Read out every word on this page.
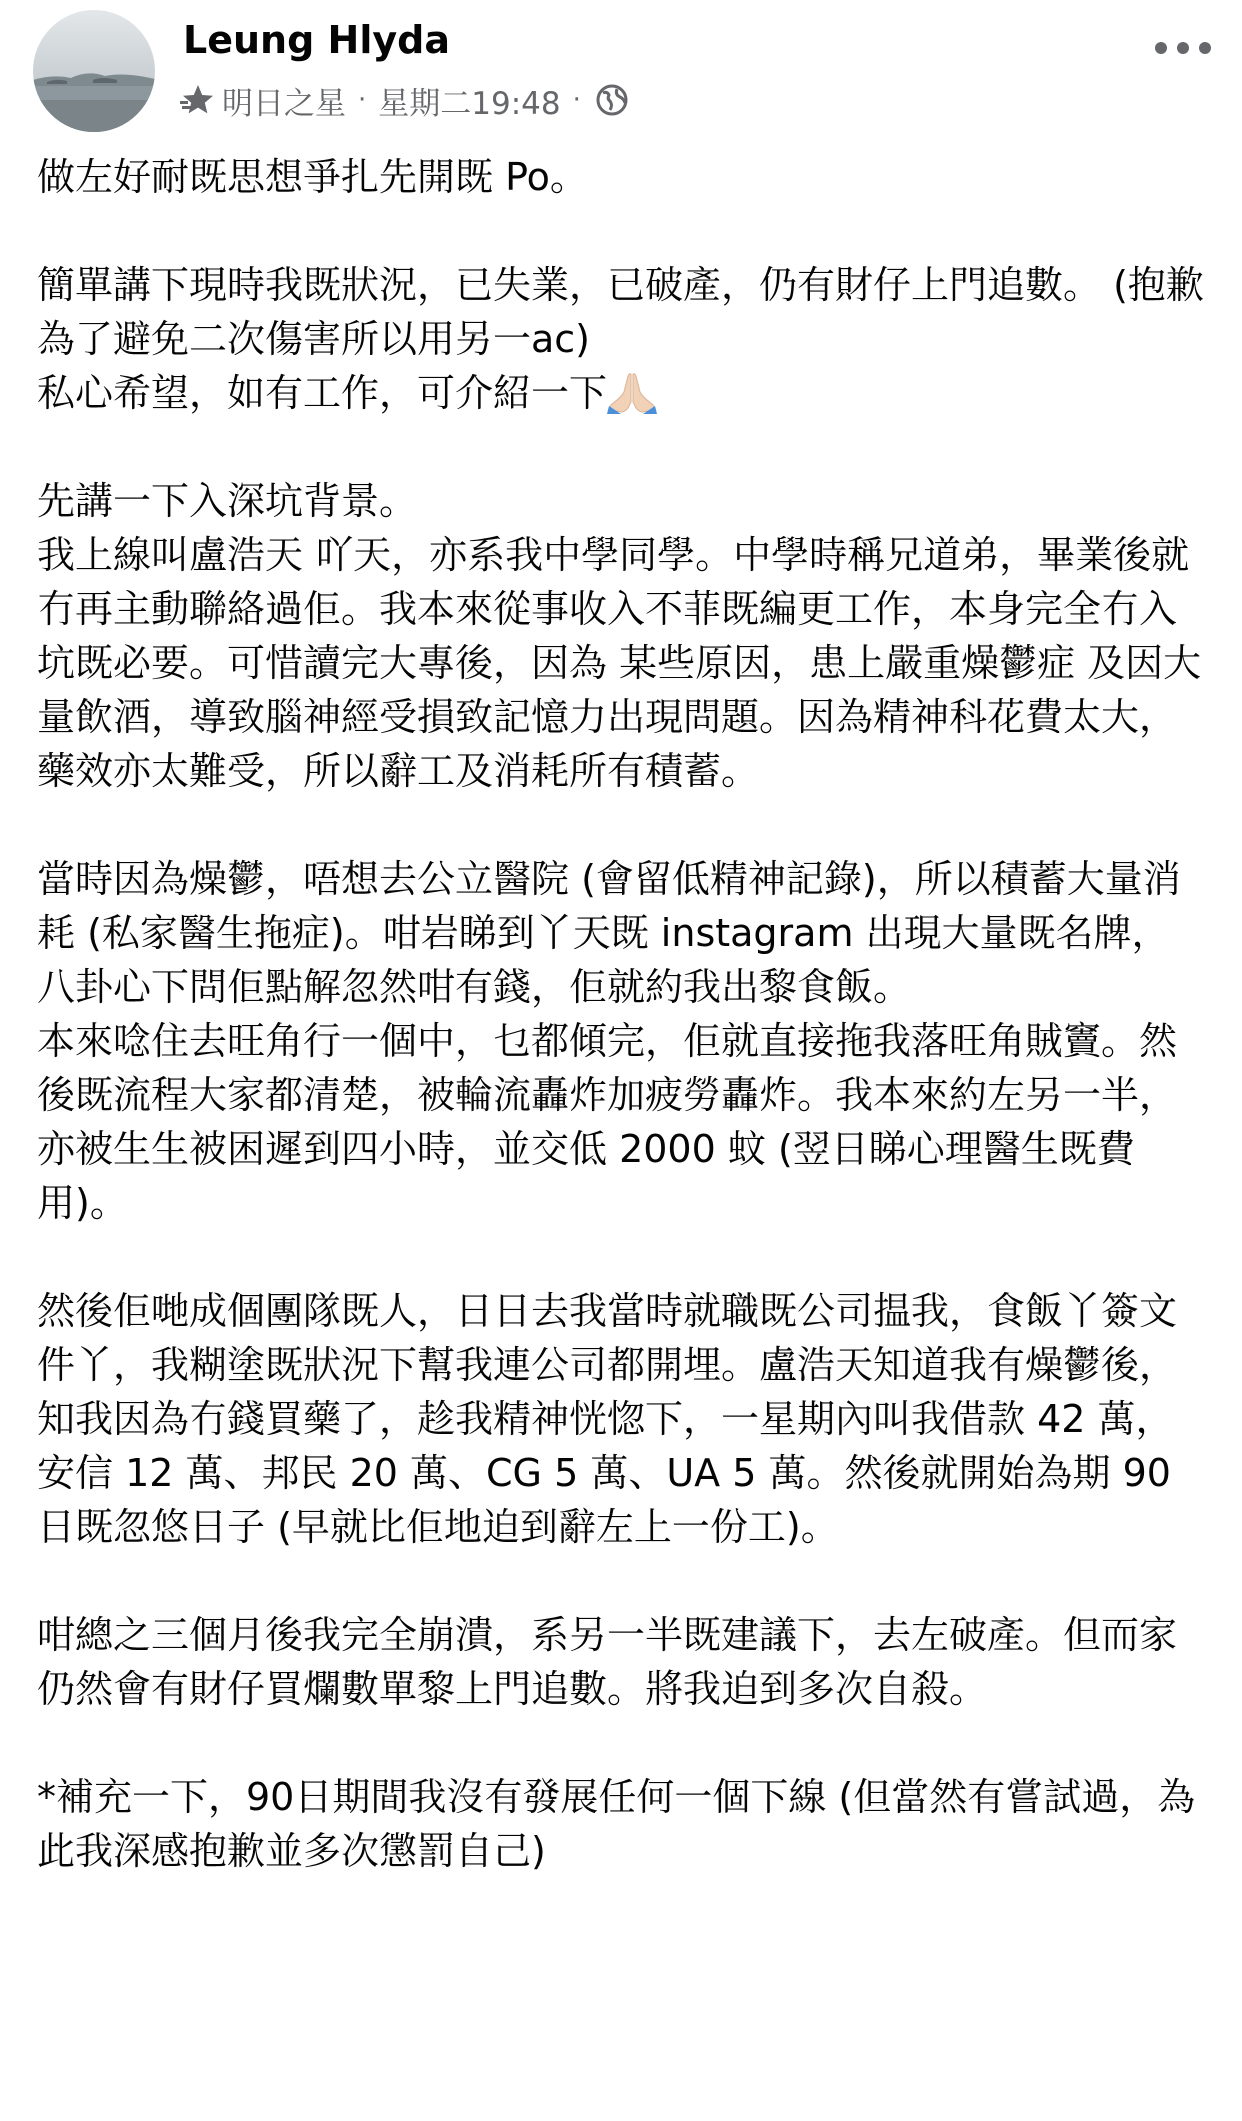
Leung Hlyda
明日之星 · 星期二19:48 ·

做左好耐既思想爭扎先開既 Po。

簡單講下現時我既狀況，已失業，已破產，仍有財仔上門追數。 (抱歉為了避免二次傷害所以用另一ac)

私心希望，如有工作，可介紹一下

先講一下入深坑背景。

我上線叫盧浩天 吖天，亦系我中學同學。中學時稱兄道弟，畢業後就冇再主動聯絡過佢。我本來從事收入不菲既編更工作，本身完全冇入坑既必要。可惜讀完大專後，因為 某些原因，患上嚴重燥鬱症 及因大量飲酒，導致腦神經受損致記憶力出現問題。因為精神科花費太大，藥效亦太難受，所以辭工及消耗所有積蓄。

當時因為燥鬱，唔想去公立醫院 (會留低精神記錄)，所以積蓄大量消耗 (私家醫生拖症)。咁岩睇到丫天既 instagram 出現大量既名牌，八卦心下問佢點解忽然咁有錢，佢就約我出黎食飯。

本來唸住去旺角行一個中，乜都傾完，佢就直接拖我落旺角賊竇。然後既流程大家都清楚，被輪流轟炸加疲勞轟炸。我本來約左另一半，亦被生生被困遲到四小時，並交低 2000 蚊 (翌日睇心理醫生既費用)。

然後佢哋成個團隊既人，日日去我當時就職既公司揾我，食飯丫簽文件丫，我糊塗既狀況下幫我連公司都開埋。盧浩天知道我有燥鬱後，知我因為冇錢買藥了，趁我精神恍惚下，一星期內叫我借款 42 萬，安信 12 萬、邦民 20 萬、CG 5 萬、UA 5 萬。然後就開始為期 90日既忽悠日子 (早就比佢地迫到辭左上一份工)。

咁總之三個月後我完全崩潰，系另一半既建議下，去左破產。但而家仍然會有財仔買爛數單黎上門追數。將我迫到多次自殺。

*補充一下，90日期間我沒有發展任何一個下線 (但當然有嘗試過，為此我深感抱歉並多次懲罰自己)
